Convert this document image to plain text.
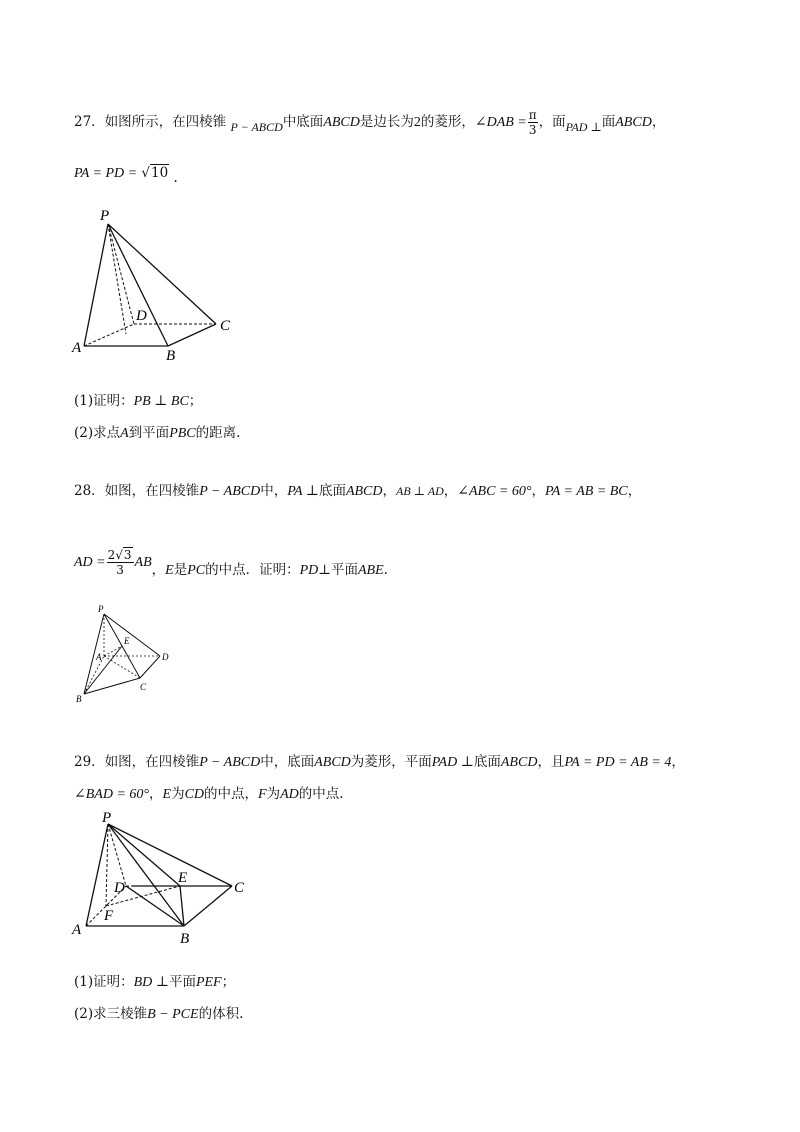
27．如图所示，在四棱锥 P − ABCD中底面ABCD是边长为2的菱形，∠DAB = $\frac{\pi}{3}$ ，面PAD ⊥面ABCD，
PA = PD = √10 .
P
A	B
C
D
(1)证明：PB ⊥ BC；
(2)求点A到平面PBC的距离.
28．如图，在四棱锥P − ABCD中，PA ⊥底面ABCD，AB ⊥ AD，∠ABC = 60°，PA = AB = BC，
AD = $\frac{2√3}{3}$ AB，E是PC的中点．证明：PD⊥平面ABE.
P
A
B
C
D
E
29．如图，在四棱锥P − ABCD中，底面ABCD为菱形，平面PAD ⊥底面ABCD，且PA = PD = AB = 4，
∠BAD = 60°，E为CD的中点，F为AD的中点.
P
A
B
C
D
E
F
(1)证明：BD ⊥平面PEF；
(2)求三棱锥B − PCE的体积.
